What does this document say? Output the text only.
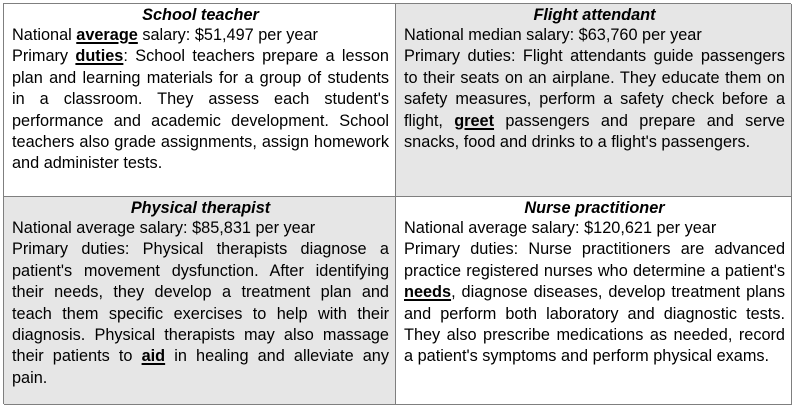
School teacher
National average salary: $51,497 per year
Primary duties: School teachers prepare a lesson plan and learning materials for a group of students in a classroom. They assess each student's performance and academic development. School teachers also grade assignments, assign homework and administer tests.
Flight attendant
National median salary: $63,760 per year
Primary duties: Flight attendants guide passengers to their seats on an airplane. They educate them on safety measures, perform a safety check before a flight, greet passengers and prepare and serve snacks, food and drinks to a flight's passengers.
Physical therapist
National average salary: $85,831 per year
Primary duties: Physical therapists diagnose a patient's movement dysfunction. After identifying their needs, they develop a treatment plan and teach them specific exercises to help with their diagnosis. Physical therapists may also massage their patients to aid in healing and alleviate any pain.
Nurse practitioner
National average salary: $120,621 per year
Primary duties: Nurse practitioners are advanced practice registered nurses who determine a patient's needs, diagnose diseases, develop treatment plans and perform both laboratory and diagnostic tests. They also prescribe medications as needed, record a patient's symptoms and perform physical exams.
